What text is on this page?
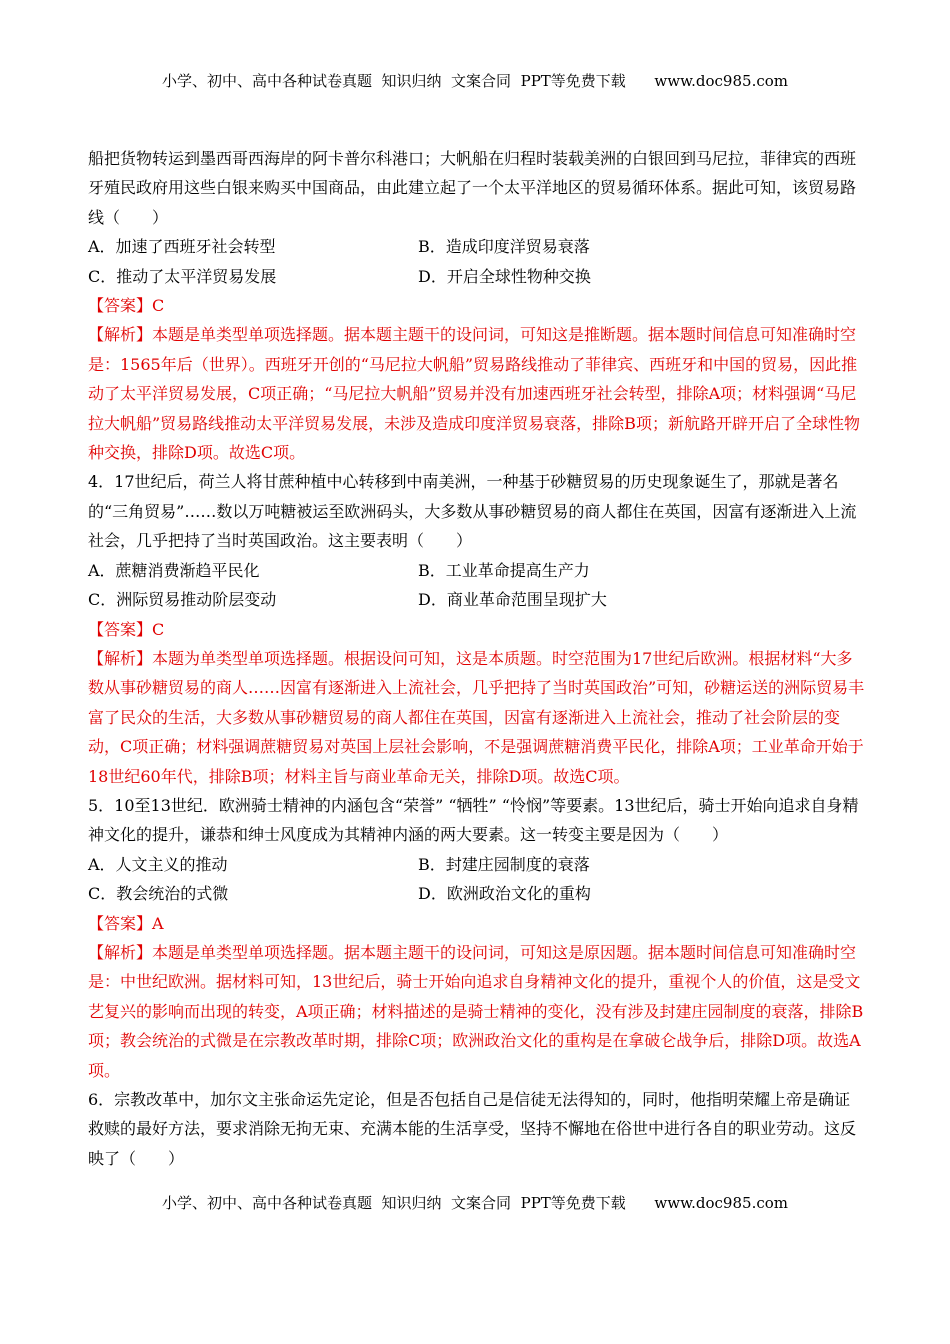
小学、初中、高中各种试卷真题  知识归纳  文案合同  PPT等免费下载      www.doc985.com

船把货物转运到墨西哥西海岸的阿卡普尔科港口；大帆船在归程时装载美洲的白银回到马尼拉，菲律宾的西班牙殖民政府用这些白银来购买中国商品，由此建立起了一个太平洋地区的贸易循环体系。据此可知，该贸易路线（　　）

A．加速了西班牙社会转型	B．造成印度洋贸易衰落
C．推动了太平洋贸易发展	D．开启全球性物种交换

【答案】C

【解析】本题是单类型单项选择题。据本题主题干的设问词，可知这是推断题。据本题时间信息可知准确时空是：1565年后（世界）。西班牙开创的“马尼拉大帆船”贸易路线推动了菲律宾、西班牙和中国的贸易，因此推动了太平洋贸易发展，C项正确；“马尼拉大帆船”贸易并没有加速西班牙社会转型，排除A项；材料强调“马尼拉大帆船”贸易路线推动太平洋贸易发展，未涉及造成印度洋贸易衰落，排除B项；新航路开辟开启了全球性物种交换，排除D项。故选C项。

4．17世纪后，荷兰人将甘蔗种植中心转移到中南美洲，一种基于砂糖贸易的历史现象诞生了，那就是著名的“三角贸易”……数以万吨糖被运至欧洲码头，大多数从事砂糖贸易的商人都住在英国，因富有逐渐进入上流社会，几乎把持了当时英国政治。这主要表明（　　）

A．蔗糖消费渐趋平民化	B．工业革命提高生产力
C．洲际贸易推动阶层变动	D．商业革命范围呈现扩大

【答案】C

【解析】本题为单类型单项选择题。根据设问可知，这是本质题。时空范围为17世纪后欧洲。根据材料“大多数从事砂糖贸易的商人……因富有逐渐进入上流社会，几乎把持了当时英国政治”可知，砂糖运送的洲际贸易丰富了民众的生活，大多数从事砂糖贸易的商人都住在英国，因富有逐渐进入上流社会，推动了社会阶层的变动，C项正确；材料强调蔗糖贸易对英国上层社会影响，不是强调蔗糖消费平民化，排除A项；工业革命开始于18世纪60年代，排除B项；材料主旨与商业革命无关，排除D项。故选C项。

5．10至13世纪．欧洲骑士精神的内涵包含“荣誉” “牺牲” “怜悯”等要素。13世纪后，骑士开始向追求自身精神文化的提升，谦恭和绅士风度成为其精神内涵的两大要素。这一转变主要是因为（　　）

A．人文主义的推动	B．封建庄园制度的衰落
C．教会统治的式微	D．欧洲政治文化的重构

【答案】A

【解析】本题是单类型单项选择题。据本题主题干的设问词，可知这是原因题。据本题时间信息可知准确时空是：中世纪欧洲。据材料可知，13世纪后，骑士开始向追求自身精神文化的提升，重视个人的价值，这是受文艺复兴的影响而出现的转变，A项正确；材料描述的是骑士精神的变化，没有涉及封建庄园制度的衰落，排除B项；教会统治的式微是在宗教改革时期，排除C项；欧洲政治文化的重构是在拿破仑战争后，排除D项。故选A项。

6．宗教改革中，加尔文主张命运先定论，但是否包括自己是信徒无法得知的，同时，他指明荣耀上帝是确证救赎的最好方法，要求消除无拘无束、充满本能的生活享受，坚持不懈地在俗世中进行各自的职业劳动。这反映了（　　）

小学、初中、高中各种试卷真题  知识归纳  文案合同  PPT等免费下载      www.doc985.com
